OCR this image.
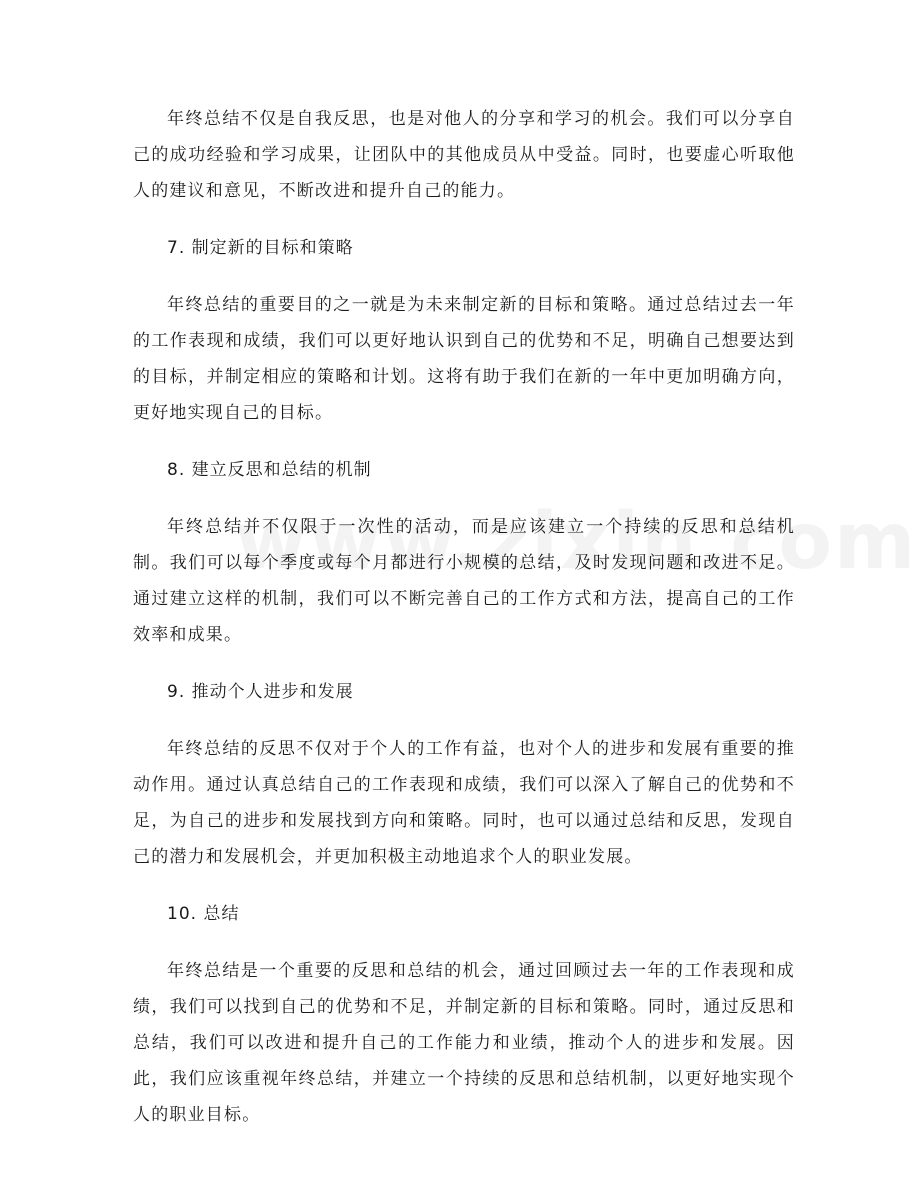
年终总结不仅是自我反思，也是对他人的分享和学习的机会。我们可以分享自己的成功经验和学习成果，让团队中的其他成员从中受益。同时，也要虚心听取他人的建议和意见，不断改进和提升自己的能力。

7. 制定新的目标和策略

年终总结的重要目的之一就是为未来制定新的目标和策略。通过总结过去一年的工作表现和成绩，我们可以更好地认识到自己的优势和不足，明确自己想要达到的目标，并制定相应的策略和计划。这将有助于我们在新的一年中更加明确方向，更好地实现自己的目标。

8. 建立反思和总结的机制

年终总结并不仅限于一次性的活动，而是应该建立一个持续的反思和总结机制。我们可以每个季度或每个月都进行小规模的总结，及时发现问题和改进不足。通过建立这样的机制，我们可以不断完善自己的工作方式和方法，提高自己的工作效率和成果。

9. 推动个人进步和发展

年终总结的反思不仅对于个人的工作有益，也对个人的进步和发展有重要的推动作用。通过认真总结自己的工作表现和成绩，我们可以深入了解自己的优势和不足，为自己的进步和发展找到方向和策略。同时，也可以通过总结和反思，发现自己的潜力和发展机会，并更加积极主动地追求个人的职业发展。

10. 总结

年终总结是一个重要的反思和总结的机会，通过回顾过去一年的工作表现和成绩，我们可以找到自己的优势和不足，并制定新的目标和策略。同时，通过反思和总结，我们可以改进和提升自己的工作能力和业绩，推动个人的进步和发展。因此，我们应该重视年终总结，并建立一个持续的反思和总结机制，以更好地实现个人的职业目标。
